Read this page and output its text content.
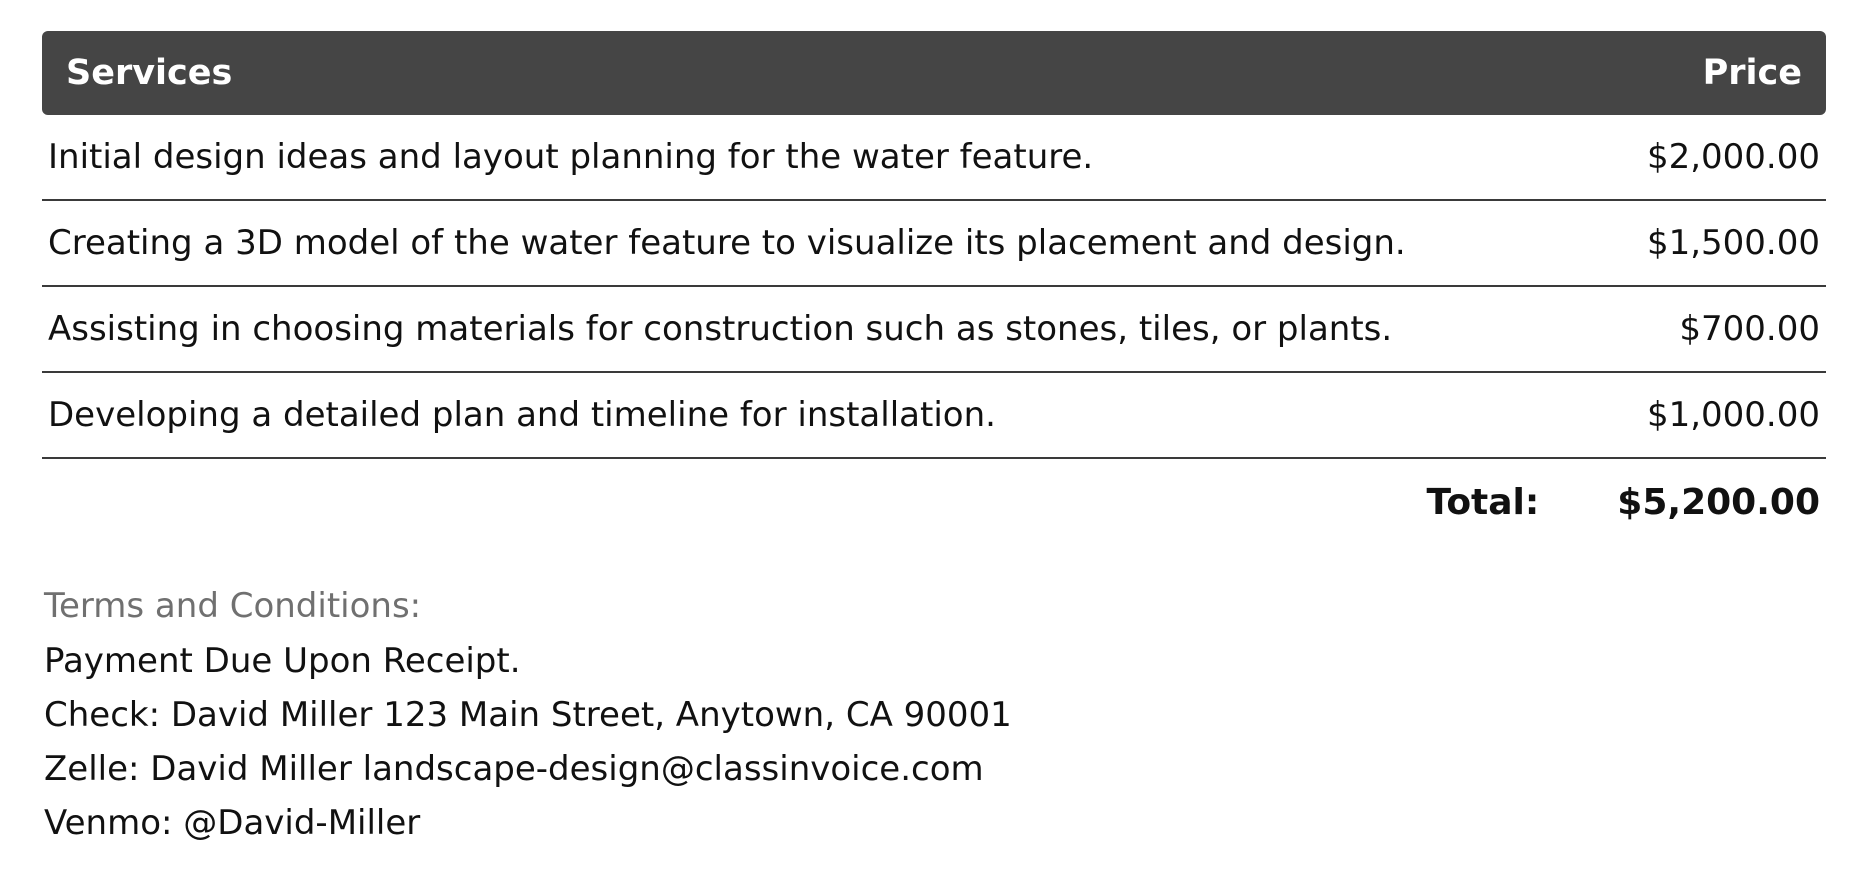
Services	Price
Initial design ideas and layout planning for the water feature.	$2,000.00
Creating a 3D model of the water feature to visualize its placement and design.	$1,500.00
Assisting in choosing materials for construction such as stones, tiles, or plants.	$700.00
Developing a detailed plan and timeline for installation.	$1,000.00
Total: $5,200.00
Terms and Conditions:
Payment Due Upon Receipt.
Check: David Miller 123 Main Street, Anytown, CA 90001
Zelle: David Miller landscape-design@classinvoice.com
Venmo: @David-Miller
